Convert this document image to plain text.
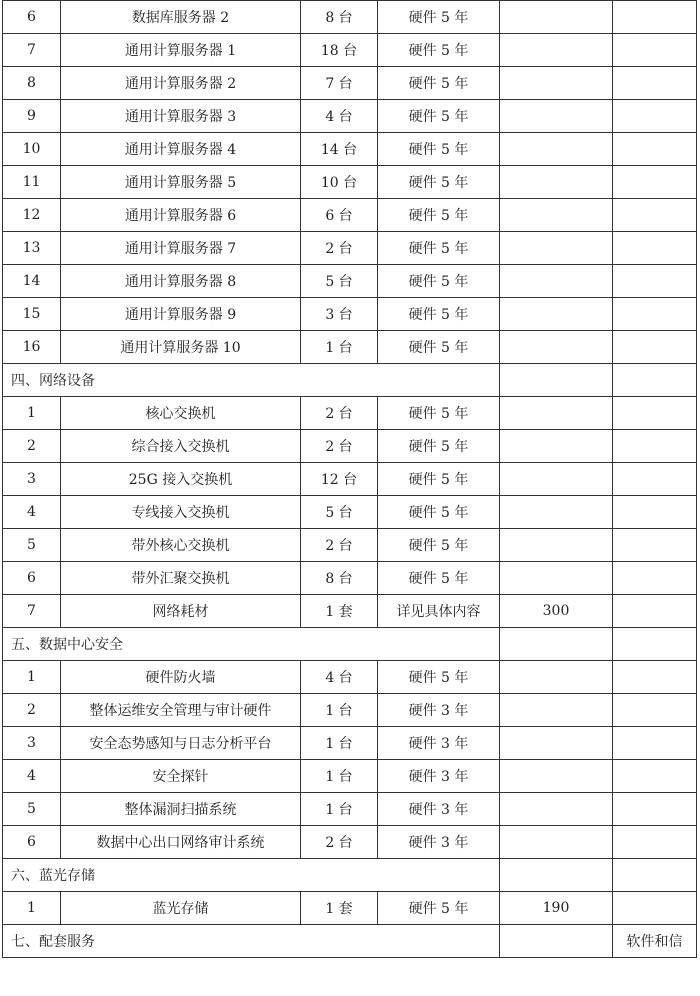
6	数据库服务器 2	8 台	硬件 5 年		
7	通用计算服务器 1	18 台	硬件 5 年		
8	通用计算服务器 2	7 台	硬件 5 年		
9	通用计算服务器 3	4 台	硬件 5 年		
10	通用计算服务器 4	14 台	硬件 5 年		
11	通用计算服务器 5	10 台	硬件 5 年		
12	通用计算服务器 6	6 台	硬件 5 年		
13	通用计算服务器 7	2 台	硬件 5 年		
14	通用计算服务器 8	5 台	硬件 5 年		
15	通用计算服务器 9	3 台	硬件 5 年		
16	通用计算服务器 10	1 台	硬件 5 年		
四、网络设备					
1	核心交换机	2 台	硬件 5 年		
2	综合接入交换机	2 台	硬件 5 年		
3	25G 接入交换机	12 台	硬件 5 年		
4	专线接入交换机	5 台	硬件 5 年		
5	带外核心交换机	2 台	硬件 5 年		
6	带外汇聚交换机	8 台	硬件 5 年		
7	网络耗材	1 套	详见具体内容	300	
五、数据中心安全					
1	硬件防火墙	4 台	硬件 5 年		
2	整体运维安全管理与审计硬件	1 台	硬件 3 年		
3	安全态势感知与日志分析平台	1 台	硬件 3 年		
4	安全探针	1 台	硬件 3 年		
5	整体漏洞扫描系统	1 台	硬件 3 年		
6	数据中心出口网络审计系统	2 台	硬件 3 年		
六、蓝光存储					
1	蓝光存储	1 套	硬件 5 年	190	
七、配套服务					软件和信
